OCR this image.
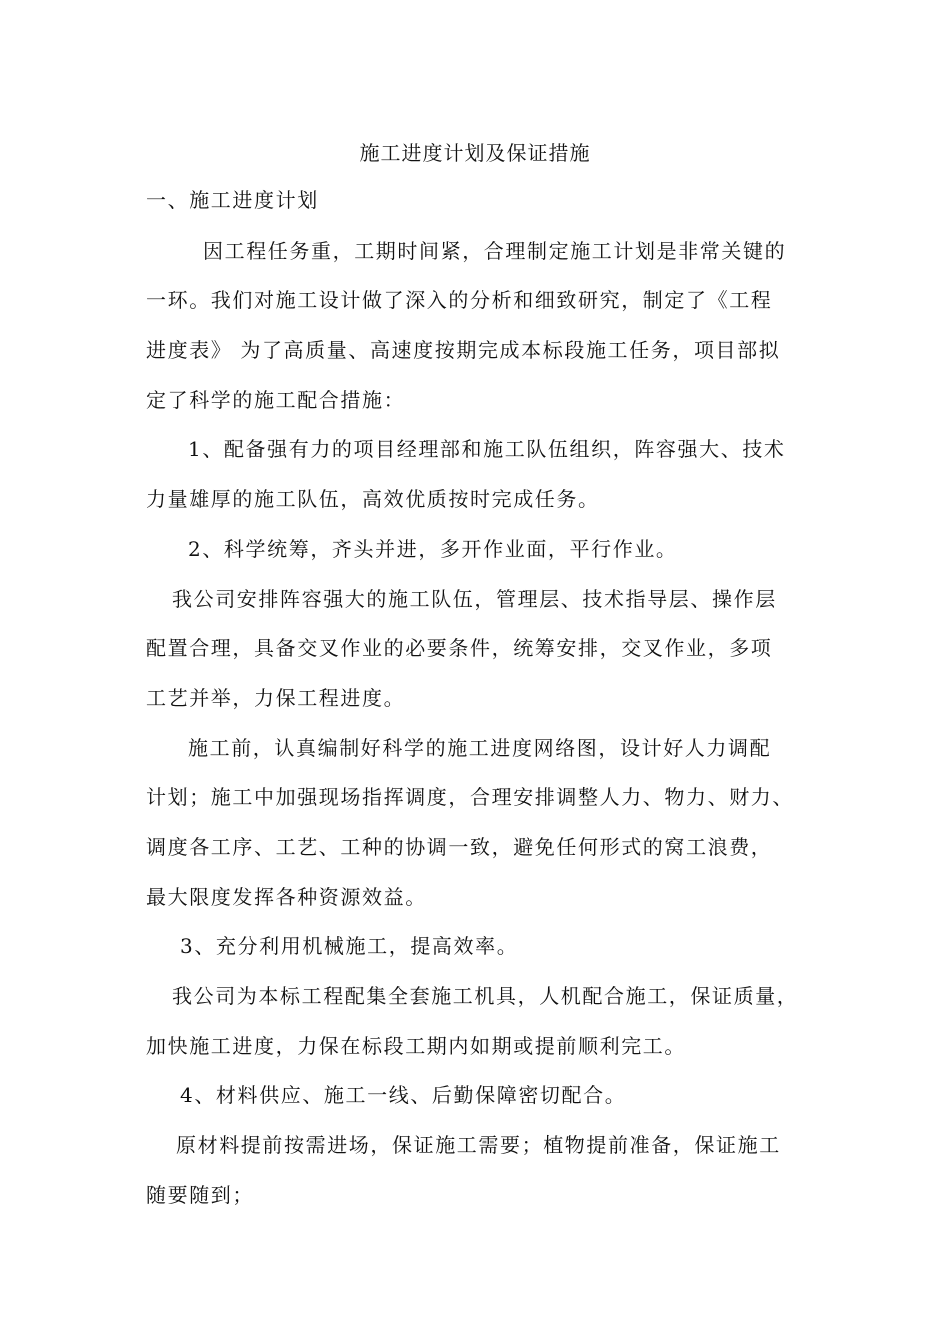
施工进度计划及保证措施
一、施工进度计划
因工程任务重，工期时间紧，合理制定施工计划是非常关键的
一环。我们对施工设计做了深入的分析和细致研究，制定了《工程
进度表》 为了高质量、高速度按期完成本标段施工任务，项目部拟
定了科学的施工配合措施：
1、配备强有力的项目经理部和施工队伍组织，阵容强大、技术
力量雄厚的施工队伍，高效优质按时完成任务。
2、科学统筹，齐头并进，多开作业面，平行作业。
我公司安排阵容强大的施工队伍，管理层、技术指导层、操作层
配置合理，具备交叉作业的必要条件，统筹安排，交叉作业，多项
工艺并举，力保工程进度。
施工前，认真编制好科学的施工进度网络图，设计好人力调配
计划；施工中加强现场指挥调度，合理安排调整人力、物力、财力、
调度各工序、工艺、工种的协调一致，避免任何形式的窝工浪费，
最大限度发挥各种资源效益。
3、充分利用机械施工，提高效率。
我公司为本标工程配集全套施工机具，人机配合施工，保证质量，
加快施工进度，力保在标段工期内如期或提前顺利完工。
4、材料供应、施工一线、后勤保障密切配合。
原材料提前按需进场，保证施工需要；植物提前准备，保证施工
随要随到；
